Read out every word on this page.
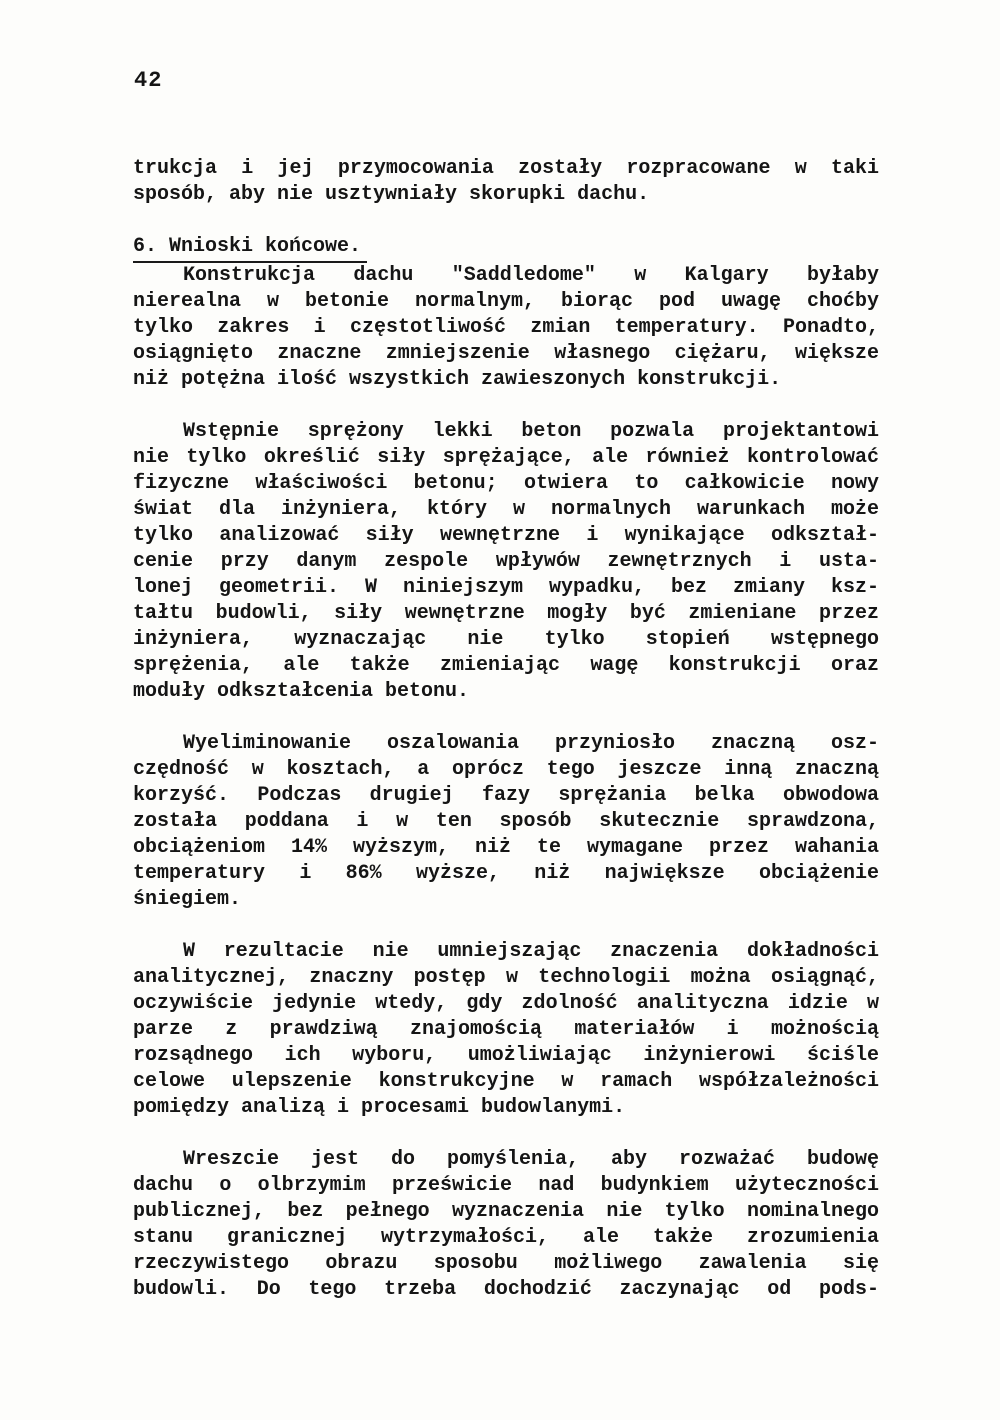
42
trukcja i jej przymocowania zostały rozpracowane w taki
sposób, aby nie usztywniały skorupki dachu.
6. Wnioski końcowe.
Konstrukcja dachu "Saddledome" w Kalgary byłaby
nierealna w betonie normalnym, biorąc pod uwagę choćby
tylko zakres i częstotliwość zmian temperatury. Ponadto,
osiągnięto znaczne zmniejszenie własnego ciężaru, większe
niż potężna ilość wszystkich zawieszonych konstrukcji.
Wstępnie sprężony lekki beton pozwala projektantowi
nie tylko określić siły sprężające, ale również kontrolować
fizyczne właściwości betonu; otwiera to całkowicie nowy
świat dla inżyniera, który w normalnych warunkach może
tylko analizować siły wewnętrzne i wynikające odkształ-
cenie przy danym zespole wpływów zewnętrznych i usta-
lonej geometrii. W niniejszym wypadku, bez zmiany ksz-
tałtu budowli, siły wewnętrzne mogły być zmieniane przez
inżyniera, wyznaczając nie tylko stopień wstępnego
sprężenia, ale także zmieniając wagę konstrukcji oraz
moduły odkształcenia betonu.
Wyeliminowanie oszalowania przyniosło znaczną osz-
czędność w kosztach, a oprócz tego jeszcze inną znaczną
korzyść. Podczas drugiej fazy sprężania belka obwodowa
została poddana i w ten sposób skutecznie sprawdzona,
obciążeniom 14% wyższym, niż te wymagane przez wahania
temperatury i 86% wyższe, niż największe obciążenie
śniegiem.
W rezultacie nie umniejszając znaczenia dokładności
analitycznej, znaczny postęp w technologii można osiągnąć,
oczywiście jedynie wtedy, gdy zdolność analityczna idzie w
parze z prawdziwą znajomością materiałów i możnością
rozsądnego ich wyboru, umożliwiając inżynierowi ściśle
celowe ulepszenie konstrukcyjne w ramach współzależności
pomiędzy analizą i procesami budowlanymi.
Wreszcie jest do pomyślenia, aby rozważać budowę
dachu o olbrzymim prześwicie nad budynkiem użyteczności
publicznej, bez pełnego wyznaczenia nie tylko nominalnego
stanu granicznej wytrzymałości, ale także zrozumienia
rzeczywistego obrazu sposobu możliwego zawalenia się
budowli. Do tego trzeba dochodzić zaczynając od pods-
